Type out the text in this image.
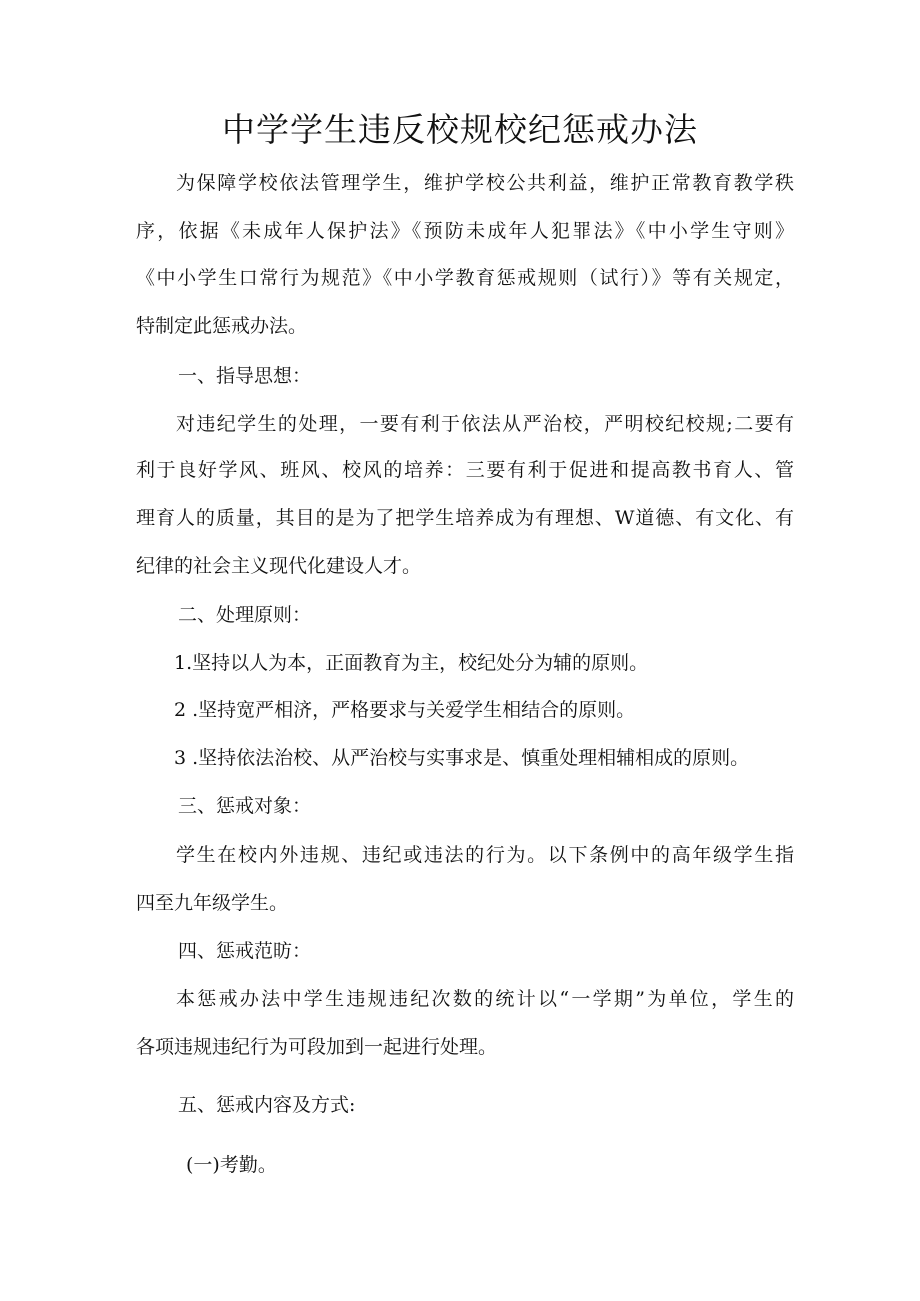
中学学生违反校规校纪惩戒办法
为保障学校依法管理学生，维护学校公共利益，维护正常教育教学秩
序，依据《未成年人保护法》《预防未成年人犯罪法》《中小学生守则》
《中小学生口常行为规范》《中小学教育惩戒规则（试行）》等有关规定，
特制定此惩戒办法。
一、指导思想：
对违纪学生的处理，一要有利于依法从严治校，严明校纪校规;二要有
利于良好学风、班风、校风的培养：三要有利于促进和提高教书育人、管
理育人的质量，其目的是为了把学生培养成为有理想、W道德、有文化、有
纪律的社会主义现代化建设人才。
二、处理原则：
1.坚持以人为本，正面教育为主，校纪处分为辅的原则。
2 .坚持宽严相济，严格要求与关爱学生相结合的原则。
3 .坚持依法治校、从严治校与实事求是、慎重处理相辅相成的原则。
三、惩戒对象：
学生在校内外违规、违纪或违法的行为。以下条例中的高年级学生指
四至九年级学生。
四、惩戒范昉：
本惩戒办法中学生违规违纪次数的统计以“一学期”为单位，学生的
各项违规违纪行为可段加到一起进行处理。
五、惩戒内容及方式:
(一)考勤。
